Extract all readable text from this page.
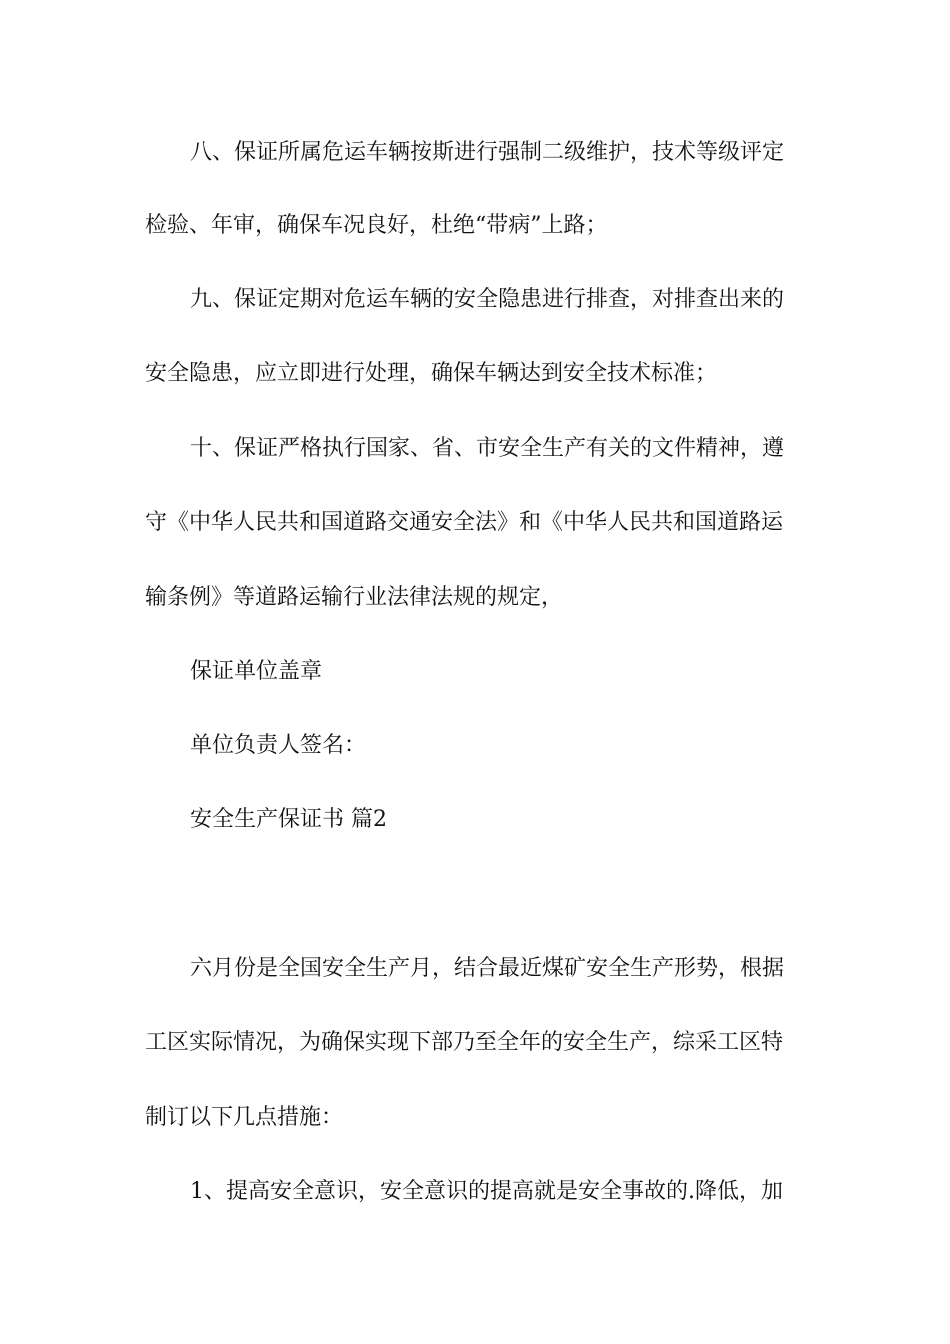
八、保证所属危运车辆按斯进行强制二级维护，技术等级评定
检验、年审，确保车况良好，杜绝“带病”上路；
九、保证定期对危运车辆的安全隐患进行排查，对排查出来的
安全隐患，应立即进行处理，确保车辆达到安全技术标准；
十、保证严格执行国家、省、市安全生产有关的文件精神，遵
守《中华人民共和国道路交通安全法》和《中华人民共和国道路运
输条例》等道路运输行业法律法规的规定，
保证单位盖章
单位负责人签名：
安全生产保证书 篇2
六月份是全国安全生产月，结合最近煤矿安全生产形势，根据
工区实际情况，为确保实现下部乃至全年的安全生产，综采工区特
制订以下几点措施：
1、提高安全意识，安全意识的提高就是安全事故的.降低，加
